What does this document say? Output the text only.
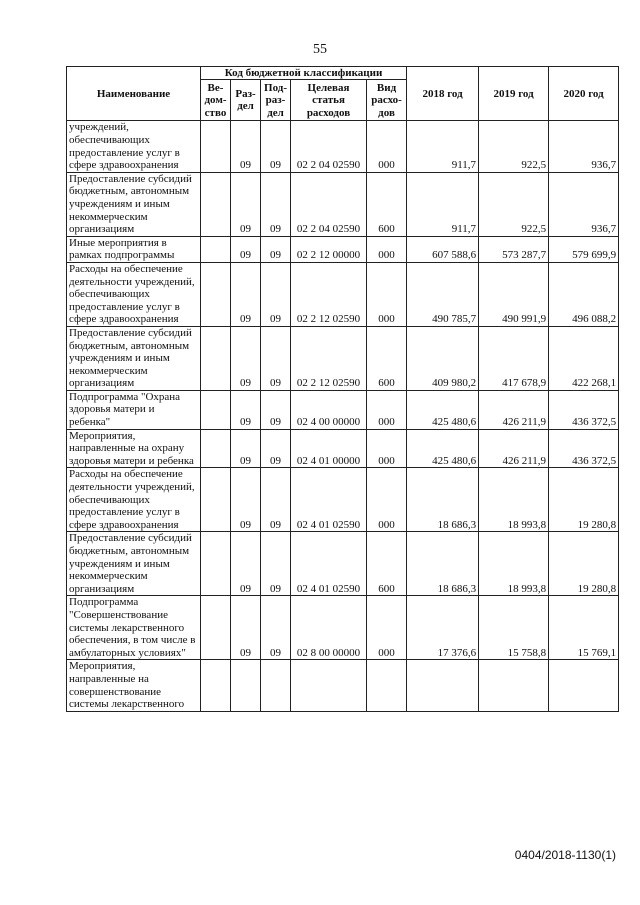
55
Наименование	Код бюджетной классификации					2018 год	2019 год	2020 год
	Ве-дом-ство	Раз-дел	Под-раз-дел	Целевая статья расходов	Вид расхо-дов			
учреждений, обеспечивающих предоставление услуг в сфере здравоохранения		09	09	02 2 04 02590	000	911,7	922,5	936,7
Предоставление субсидий бюджетным, автономным учреждениям и иным некоммерческим организациям		09	09	02 2 04 02590	600	911,7	922,5	936,7
Иные мероприятия в рамках подпрограммы		09	09	02 2 12 00000	000	607 588,6	573 287,7	579 699,9
Расходы на обеспечение деятельности учреждений, обеспечивающих предоставление услуг в сфере здравоохранения		09	09	02 2 12 02590	000	490 785,7	490 991,9	496 088,2
Предоставление субсидий бюджетным, автономным учреждениям и иным некоммерческим организациям		09	09	02 2 12 02590	600	409 980,2	417 678,9	422 268,1
Подпрограмма "Охрана здоровья матери и ребенка"		09	09	02 4 00 00000	000	425 480,6	426 211,9	436 372,5
Мероприятия, направленные на охрану здоровья матери и ребенка		09	09	02 4 01 00000	000	425 480,6	426 211,9	436 372,5
Расходы на обеспечение деятельности учреждений, обеспечивающих предоставление услуг в сфере здравоохранения		09	09	02 4 01 02590	000	18 686,3	18 993,8	19 280,8
Предоставление субсидий бюджетным, автономным учреждениям и иным некоммерческим организациям		09	09	02 4 01 02590	600	18 686,3	18 993,8	19 280,8
Подпрограмма "Совершенствование системы лекарственного обеспечения, в том числе в амбулаторных условиях"		09	09	02 8 00 00000	000	17 376,6	15 758,8	15 769,1
Мероприятия, направленные на совершенствование системы лекарственного								
0404/2018-1130(1)
